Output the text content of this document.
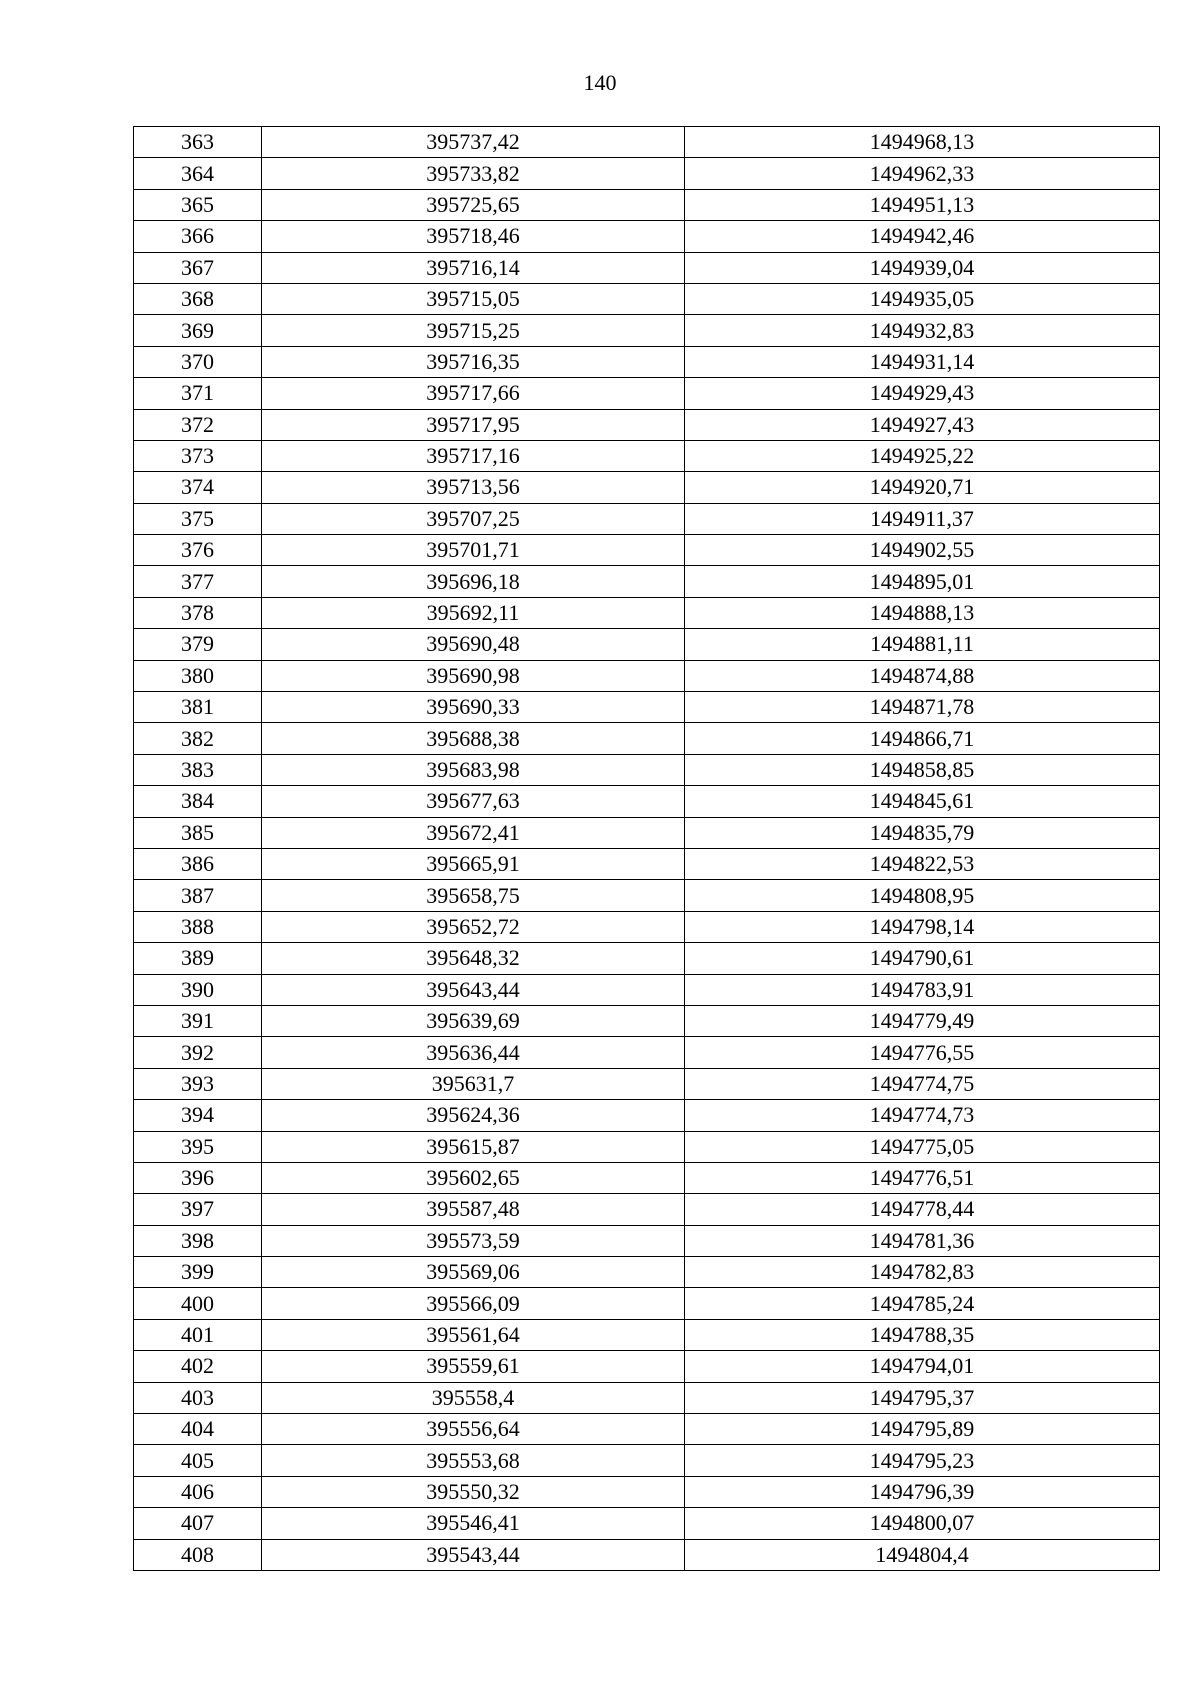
140
363	395737,42	1494968,13
364	395733,82	1494962,33
365	395725,65	1494951,13
366	395718,46	1494942,46
367	395716,14	1494939,04
368	395715,05	1494935,05
369	395715,25	1494932,83
370	395716,35	1494931,14
371	395717,66	1494929,43
372	395717,95	1494927,43
373	395717,16	1494925,22
374	395713,56	1494920,71
375	395707,25	1494911,37
376	395701,71	1494902,55
377	395696,18	1494895,01
378	395692,11	1494888,13
379	395690,48	1494881,11
380	395690,98	1494874,88
381	395690,33	1494871,78
382	395688,38	1494866,71
383	395683,98	1494858,85
384	395677,63	1494845,61
385	395672,41	1494835,79
386	395665,91	1494822,53
387	395658,75	1494808,95
388	395652,72	1494798,14
389	395648,32	1494790,61
390	395643,44	1494783,91
391	395639,69	1494779,49
392	395636,44	1494776,55
393	395631,7	1494774,75
394	395624,36	1494774,73
395	395615,87	1494775,05
396	395602,65	1494776,51
397	395587,48	1494778,44
398	395573,59	1494781,36
399	395569,06	1494782,83
400	395566,09	1494785,24
401	395561,64	1494788,35
402	395559,61	1494794,01
403	395558,4	1494795,37
404	395556,64	1494795,89
405	395553,68	1494795,23
406	395550,32	1494796,39
407	395546,41	1494800,07
408	395543,44	1494804,4
